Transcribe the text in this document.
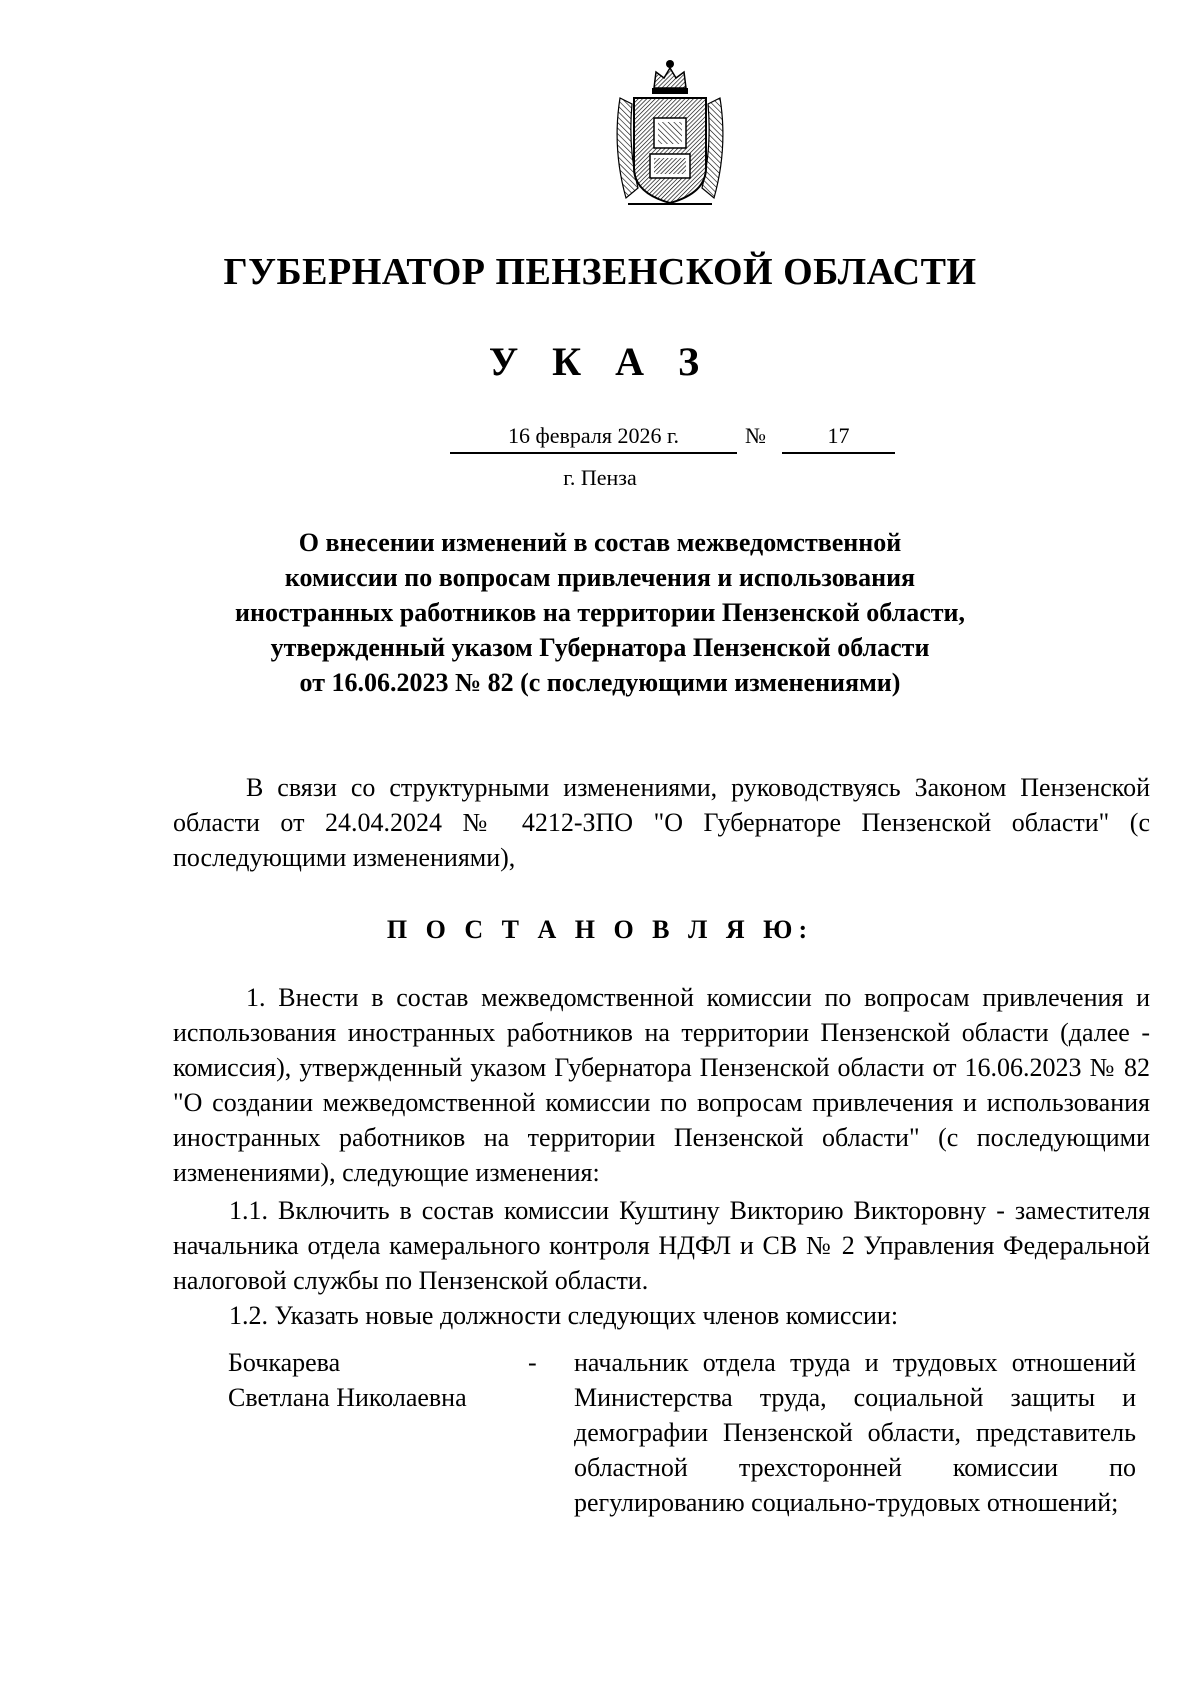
ГУБЕРНАТОР ПЕНЗЕНСКОЙ ОБЛАСТИ
У К А З
16 февраля 2026 г.	№	17
г. Пенза
О внесении изменений в состав межведомственной
комиссии по вопросам привлечения и использования
иностранных работников на территории Пензенской области,
утвержденный указом Губернатора Пензенской области
от 16.06.2023 № 82 (с последующими изменениями)
В связи со структурными изменениями, руководствуясь Законом Пензенской области от 24.04.2024 № 4212-ЗПО "О Губернаторе Пензенской области" (с последующими изменениями),
П О С Т А Н О В Л Я Ю:
1. Внести в состав межведомственной комиссии по вопросам привлечения и использования иностранных работников на территории Пензенской области (далее - комиссия), утвержденный указом Губернатора Пензенской области от 16.06.2023 № 82 "О создании межведомственной комиссии по вопросам привлечения и использования иностранных работников на территории Пензенской области" (с последующими изменениями), следующие изменения:
1.1. Включить в состав комиссии Куштину Викторию Викторовну - заместителя начальника отдела камерального контроля НДФЛ и СВ № 2 Управления Федеральной налоговой службы по Пензенской области.
1.2. Указать новые должности следующих членов комиссии:
Бочкарева
Светлана Николаевна
- начальник отдела труда и трудовых отношений Министерства труда, социальной защиты и демографии Пензенской области, представитель областной трехсторонней комиссии по регулированию социально-трудовых отношений;
